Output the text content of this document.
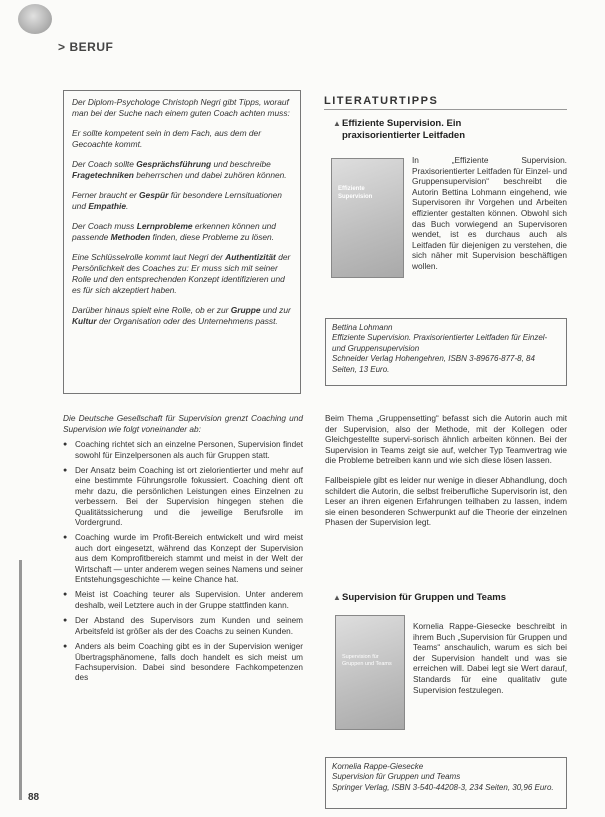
> BERUF

Der Diplom-Psychologe Christoph Negri gibt Tipps, worauf man bei der Suche nach einem guten Coach achten muss:

Er sollte kompetent sein in dem Fach, aus dem der Gecoachte kommt.

Der Coach sollte Gesprächsführung und beschreibe Fragetechniken beherrschen und dabei zuhören können.

Ferner braucht er Gespür für besondere Lernsituationen und Empathie.

Der Coach muss Lernprobleme erkennen können und passende Methoden finden, diese Probleme zu lösen.

Eine Schlüsselrolle kommt laut Negri der Authentizität der Persönlichkeit des Coaches zu: Er muss sich mit seiner Rolle und den entsprechenden Konzept identifizieren und es für sich akzeptiert haben.

Darüber hinaus spielt eine Rolle, ob er zur Gruppe und zur Kultur der Organisation oder des Unternehmens passt.

Die Deutsche Gesellschaft für Supervision grenzt Coaching und Supervision wie folgt voneinander ab:

● Coaching richtet sich an einzelne Personen, Supervision findet sowohl für Einzelpersonen als auch für Gruppen statt.
● Der Ansatz beim Coaching ist ort zielorientierter und mehr auf eine bestimmte Führungsrolle fokussiert. Coaching dient oft mehr dazu, die persönlichen Leistungen eines Einzelnen zu verbessern. Bei der Supervision hingegen stehen die Qualitätssicherung und die jeweilige Berufsrolle im Vordergrund.
● Coaching wurde im Profit-Bereich entwickelt und wird meist auch dort eingesetzt, während das Konzept der Supervision aus dem Komprofitbereich stammt und meist in der Welt der Wirtschaft — unter anderem wegen seines Namens und seiner Entstehungsgeschichte — keine Chance hat.
● Meist ist Coaching teurer als Supervision. Unter anderem deshalb, weil Letztere auch in der Gruppe stattfinden kann.
● Der Abstand des Supervisors zum Kunden und seinem Arbeitsfeld ist größer als der des Coachs zu seinen Kunden.
● Anders als beim Coaching gibt es in der Supervision weniger Übertragsphänomene, falls doch handelt es sich meist um Fachsupervision. Dabei sind besondere Fachkompetenzen des
LITERATURTIPPS
▲Effiziente Supervision. Ein
praxisorientierter Leitfaden
Effiziente Supervision

In „Effiziente Supervision. Praxisorientierter Leitfaden für Einzel- und Gruppensupervision“ beschreibt die Autorin Bettina Lohmann eingehend, wie Supervisoren ihr Vorgehen und Arbeiten effizienter gestalten können. Obwohl sich das Buch vorwiegend an Supervisoren wendet, ist es durchaus auch als Leitfaden für diejenigen zu verstehen, die sich näher mit Supervision beschäftigen wollen.

Bettina Lohmann

Effiziente Supervision. Praxisorientierter Leitfaden für Einzel- und Gruppensupervision

Schneider Verlag Hohengehren, ISBN 3-89676-877-8, 84 Seiten, 13 Euro.

Beim Thema „Gruppensetting“ befasst sich die Autorin auch mit der Supervision, also der Methode, mit der Kollegen oder Gleichgestellte supervi-sorisch ähnlich arbeiten können. Bei der Supervision in Teams zeigt sie auf, welcher Typ Teamvertrag wie die Probleme betreiben kann und wie sich diese lösen lassen.

Fallbeispiele gibt es leider nur wenige in dieser Abhandlung, doch schildert die Autorin, die selbst freiberufliche Supervisorin ist, den Leser an ihren eigenen Erfahrungen teilhaben zu lassen, indem sie einen besonderen Schwerpunkt auf die Theorie der einzelnen Phasen der Supervision legt.

▲Supervision für Gruppen und Teams
Supervision für Gruppen und Teams

Kornelia Rappe-Giesecke beschreibt in ihrem Buch „Supervision für Gruppen und Teams“ anschaulich, warum es sich bei der Supervision handelt und was sie erreichen will. Dabei legt sie Wert darauf, Standards für eine qualitativ gute Supervision festzulegen.

Kornelia Rappe-Giesecke

Supervision für Gruppen und Teams

Springer Verlag, ISBN 3-540-44208-3, 234 Seiten, 30,96 Euro.

88
